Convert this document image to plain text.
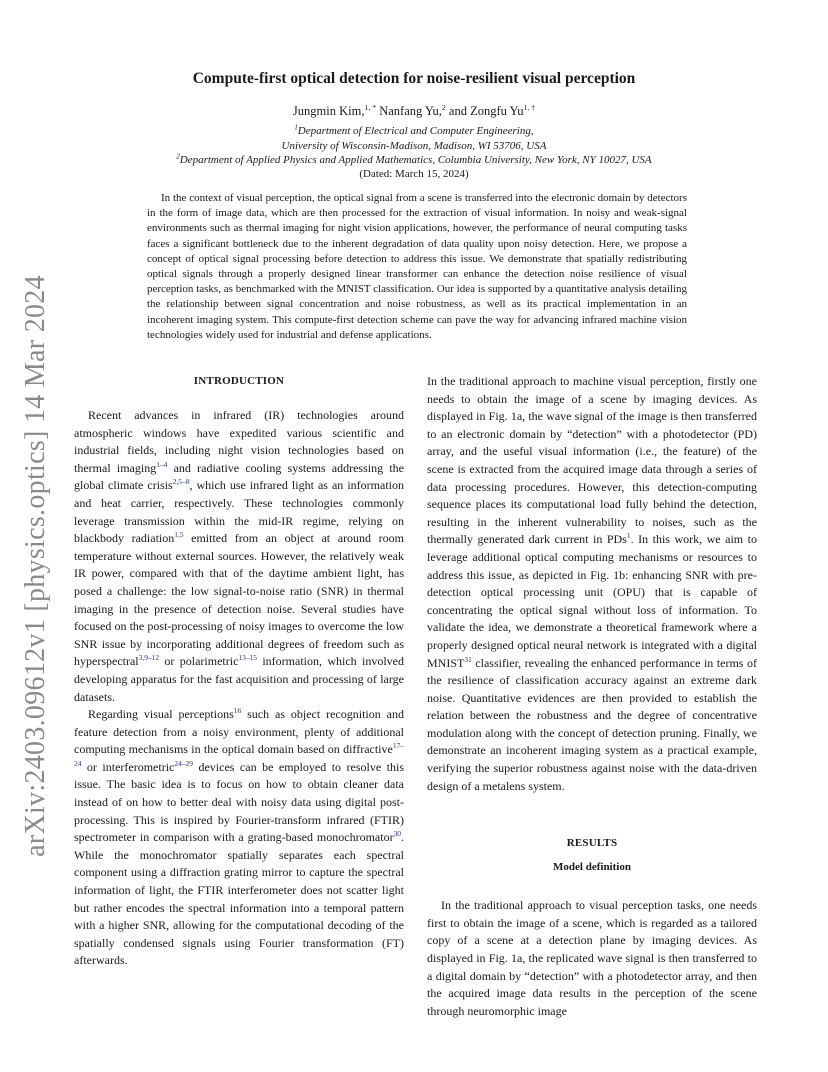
arXiv:2403.09612v1 [physics.optics] 14 Mar 2024
Compute-first optical detection for noise-resilient visual perception
Jungmin Kim,$^{1, *}$ Nanfang Yu,$^2$ and Zongfu $Yu^{1, \dagger}$
$^1$Department of Electrical and Computer Engineering,
University of Wisconsin-Madison, Madison, WI 53706, USA
$^2$Department of Applied Physics and Applied Mathematics, Columbia University, New York, NY 10027, USA
(Dated: March 15, 2024)

In the context of visual perception, the optical signal from a scene is transferred into the electronic domain by detectors in the form of image data, which are then processed for the extraction of visual information. In noisy and weak-signal environments such as thermal imaging for night vision applications, however, the performance of neural computing tasks faces a significant bottleneck due to the inherent degradation of data quality upon noisy detection. Here, we propose a concept of optical signal processing before detection to address this issue. We demonstrate that spatially redistributing optical signals through a properly designed linear transformer can enhance the detection noise resilience of visual perception tasks, as benchmarked with the MNIST classification. Our idea is supported by a quantitative analysis detailing the relationship between signal concentration and noise robustness, as well as its practical implementation in an incoherent imaging system. This compute-first detection scheme can pave the way for advancing infrared machine vision technologies widely used for industrial and defense applications.

INTRODUCTION

Recent advances in infrared (IR) technologies around atmospheric windows have expedited various scientific and industrial fields, including night vision technologies based on thermal imaging$^{1-4}$ and radiative cooling systems addressing the global climate crisis$^{2,5-8}$, which use infrared light as an information and heat carrier, respectively. These technologies commonly leverage transmission within the mid-IR regime, relying on blackbody radiation$^{1,5}$ emitted from an object at around room temperature without external sources. However, the relatively weak IR power, compared with that of the daytime ambient light, has posed a challenge: the low signal-to-noise ratio (SNR) in thermal imaging in the presence of detection noise. Several studies have focused on the post-processing of noisy images to overcome the low SNR issue by incorporating additional degrees of freedom such as hyperspectral$^{3,9-12}$ or polarimetric$^{13-15}$ information, which involved developing apparatus for the fast acquisition and processing of large datasets.

Regarding visual perceptions$^{16}$ such as object recognition and feature detection from a noisy environment, plenty of additional computing mechanisms in the optical domain based on diffractive$^{17-24}$ or interferometric$^{24-29}$ devices can be employed to resolve this issue. The basic idea is to focus on how to obtain cleaner data instead of on how to better deal with noisy data using digital post-processing. This is inspired by Fourier-transform infrared (FTIR) spectrometer in comparison with a grating-based monochromator$^{30}$. While the monochromator spatially separates each spectral component using a diffraction grating mirror to capture the spectral information of light, the FTIR interferometer does not scatter light but rather encodes the spectral information into a temporal pattern with a higher SNR, allowing for the computational decoding of the spatially condensed signals using Fourier transformation (FT) afterwards.

In the traditional approach to machine visual perception, firstly one needs to obtain the image of a scene by imaging devices. As displayed in Fig. 1a, the wave signal of the image is then transferred to an electronic domain by “detection” with a photodetector (PD) array, and the useful visual information (i.e., the feature) of the scene is extracted from the acquired image data through a series of data processing procedures. However, this detection-computing sequence places its computational load fully behind the detection, resulting in the inherent vulnerability to noises, such as the thermally generated dark current in PDs$^1$. In this work, we aim to leverage additional optical computing mechanisms or resources to address this issue, as depicted in Fig. 1b: enhancing SNR with pre-detection optical processing unit (OPU) that is capable of concentrating the optical signal without loss of information. To validate the idea, we demonstrate a theoretical framework where a properly designed optical neural network is integrated with a digital MNIST$^{31}$ classifier, revealing the enhanced performance in terms of the resilience of classification accuracy against an extreme dark noise. Quantitative evidences are then provided to establish the relation between the robustness and the degree of concentrative modulation along with the concept of detection pruning. Finally, we demonstrate an incoherent imaging system as a practical example, verifying the superior robustness against noise with the data-driven design of a metalens system.

RESULTS
Model definition

In the traditional approach to visual perception tasks, one needs first to obtain the image of a scene, which is regarded as a tailored copy of a scene at a detection plane by imaging devices. As displayed in Fig. 1a, the replicated wave signal is then transferred to a digital domain by “detection” with a photodetector array, and then the acquired image data results in the perception of the scene through neuromorphic image
